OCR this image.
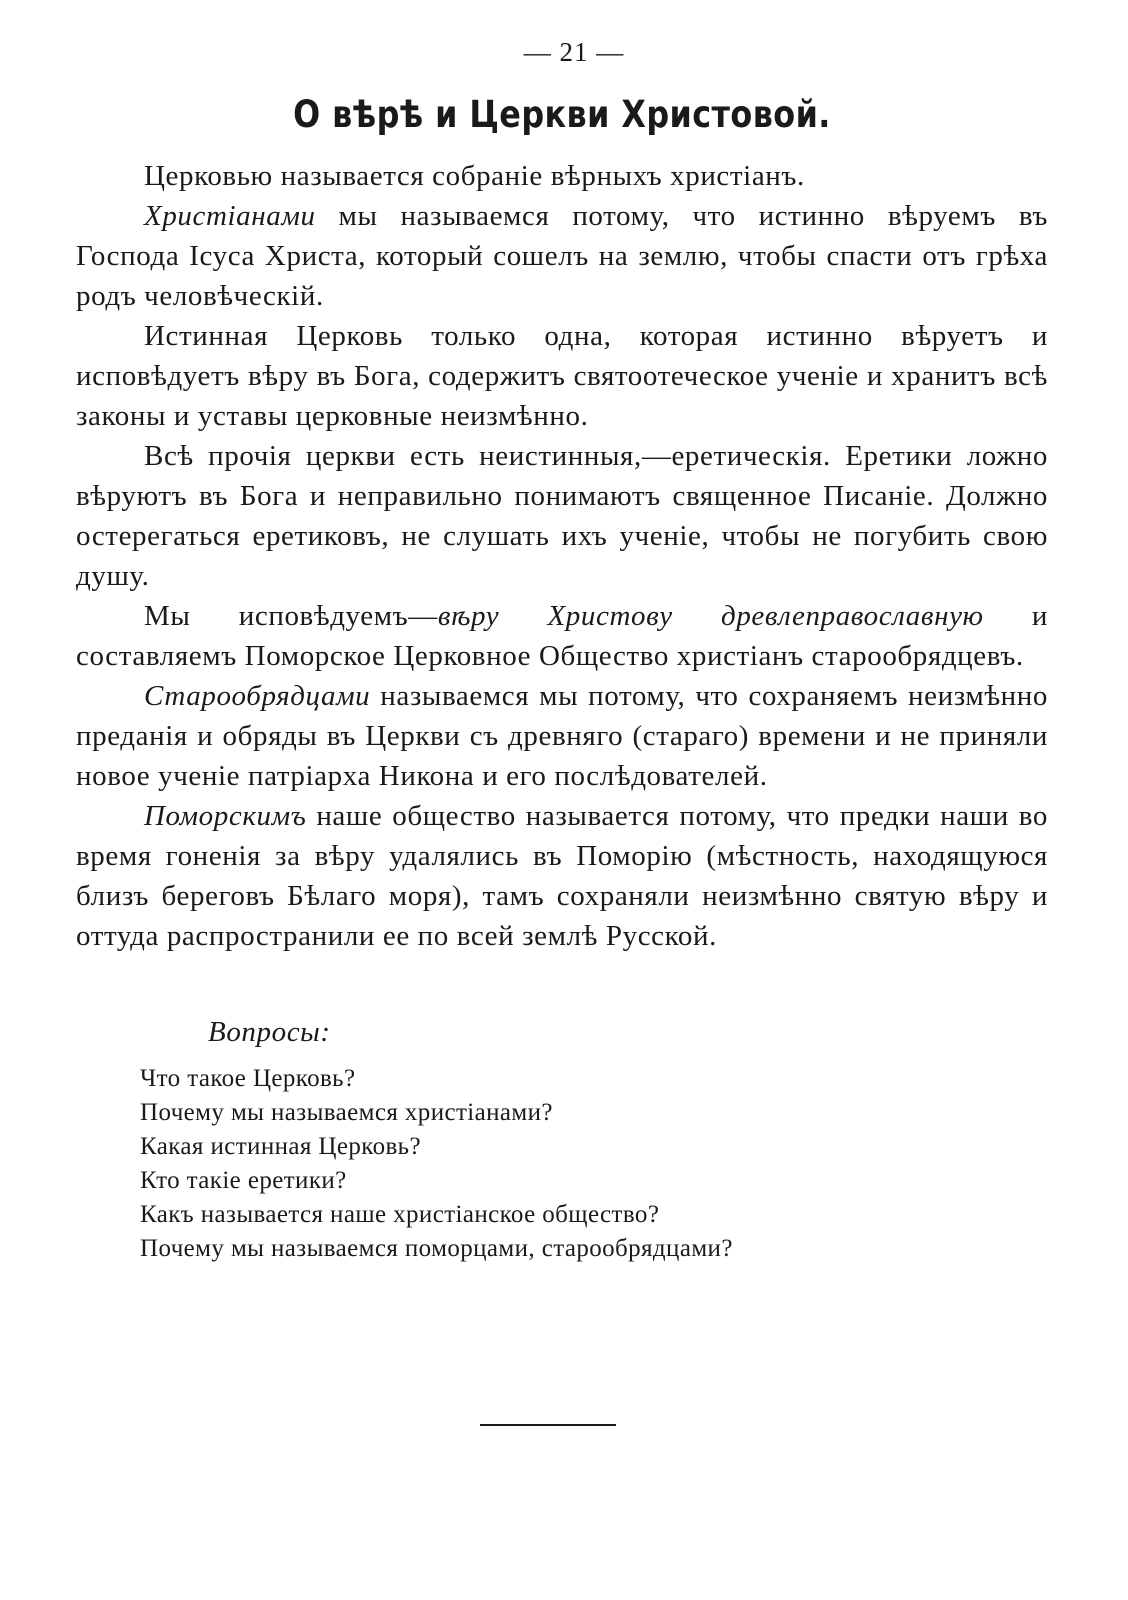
— 21 —
О вѣрѣ и Церкви Христовой.

Церковью называется собранiе вѣрныхъ христiанъ.

Христiанами мы называемся потому, что истинно вѣруемъ въ Господа Iсуса Христа, который сошелъ на землю, чтобы спасти отъ грѣха родъ человѣческiй.

Истинная Церковь только одна, которая истинно вѣруетъ и исповѣдуетъ вѣру въ Бога, содержитъ святоотеческое ученiе и хранитъ всѣ законы и уставы церковные неизмѣнно.

Всѣ прочiя церкви есть неистинныя,—еретическiя. Еретики ложно вѣруютъ въ Бога и неправильно понимаютъ священное Писанiе. Должно остерегаться еретиковъ, не слушать ихъ ученiе, чтобы не погубить свою душу.

Мы исповѣдуемъ—вѣру Христову древлеправославную и составляемъ Поморское Церковное Общество христiанъ старообрядцевъ.

Старообрядцами называемся мы потому, что сохраняемъ неизмѣнно преданiя и обряды въ Церкви съ древняго (стараго) времени и не приняли новое ученiе патрiарха Никона и его послѣдователей.

Поморскимъ наше общество называется потому, что предки наши во время гоненiя за вѣру удалялись въ Поморiю (мѣстность, находящуюся близъ береговъ Бѣлаго моря), тамъ сохраняли неизмѣнно святую вѣру и оттуда распространили ее по всей землѣ Русской.

Вопросы:
Что такое Церковь?
Почему мы называемся христiанами?
Какая истинная Церковь?
Кто такiе еретики?
Какъ называется наше христiанское общество?
Почему мы называемся поморцами, старообрядцами?
